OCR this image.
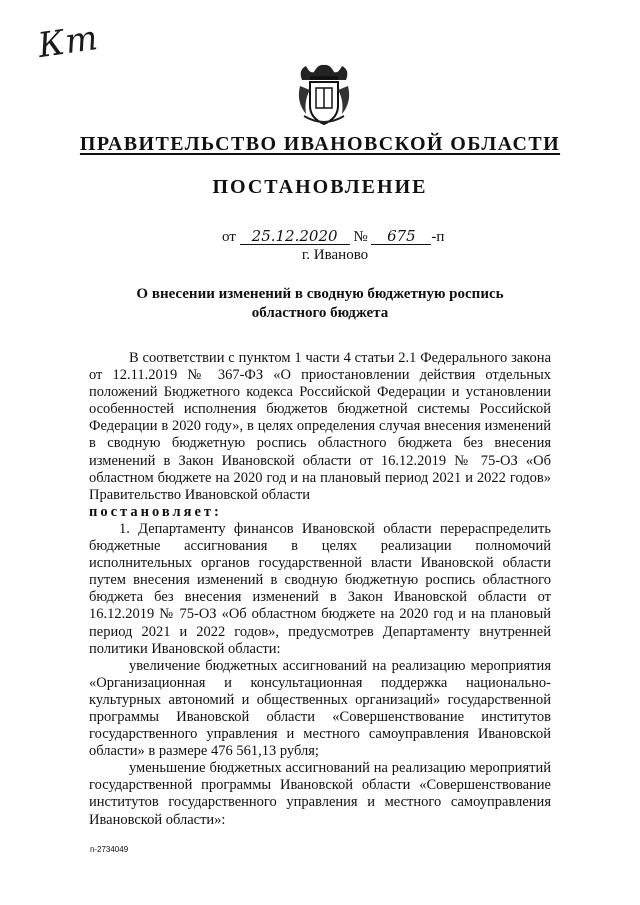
Кт
ПРАВИТЕЛЬСТВО ИВАНОВСКОЙ ОБЛАСТИ
ПОСТАНОВЛЕНИЕ
от 25.12.2020 № 675 -п
г. Иваново
О внесении изменений в сводную бюджетную роспись областного бюджета

В соответствии с пунктом 1 части 4 статьи 2.1 Федерального закона от 12.11.2019 № 367-ФЗ «О приостановлении действия отдельных положений Бюджетного кодекса Российской Федерации и установлении особенностей исполнения бюджетов бюджетной системы Российской Федерации в 2020 году», в целях определения случая внесения изменений в сводную бюджетную роспись областного бюджета без внесения изменений в Закон Ивановской области от 16.12.2019 № 75-ОЗ «Об областном бюджете на 2020 год и на плановый период 2021 и 2022 годов» Правительство Ивановской области

постановляет:

1. Департаменту финансов Ивановской области перераспределить бюджетные ассигнования в целях реализации полномочий исполнительных органов государственной власти Ивановской области путем внесения изменений в сводную бюджетную роспись областного бюджета без внесения изменений в Закон Ивановской области от 16.12.2019 № 75-ОЗ «Об областном бюджете на 2020 год и на плановый период 2021 и 2022 годов», предусмотрев Департаменту внутренней политики Ивановской области:

увеличение бюджетных ассигнований на реализацию мероприятия «Организационная и консультационная поддержка национально-культурных автономий и общественных организаций» государственной программы Ивановской области «Совершенствование институтов государственного управления и местного самоуправления Ивановской области» в размере 476 561,13 рубля;

уменьшение бюджетных ассигнований на реализацию мероприятий государственной программы Ивановской области «Совершенствование институтов государственного управления и местного самоуправления Ивановской области»:

п-2734049
